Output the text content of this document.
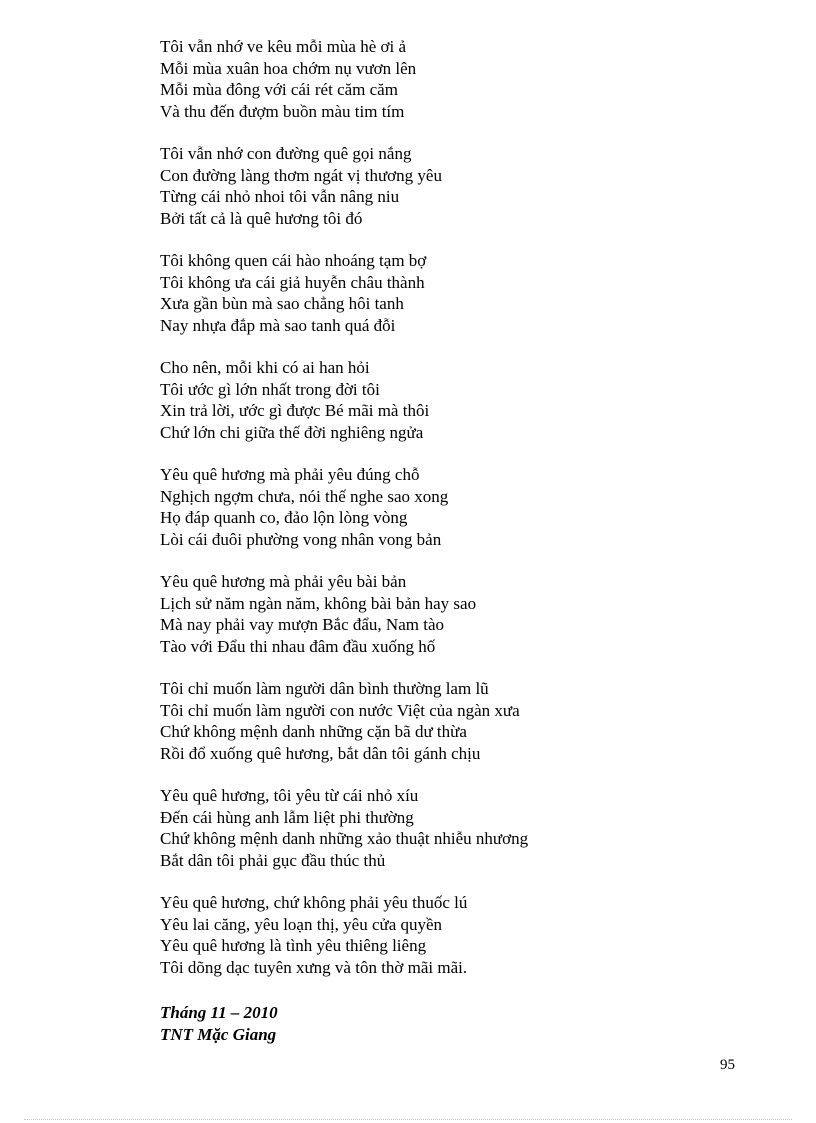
Tôi vẫn nhớ ve kêu mỗi mùa hè ơi ả
Mỗi mùa xuân hoa chớm nụ vươn lên
Mỗi mùa đông với cái rét căm căm
Và thu đến đượm buồn màu tim tím
Tôi vẫn nhớ con đường quê gọi nắng
Con đường làng thơm ngát vị thương yêu
Từng cái nhỏ nhoi tôi vẫn nâng niu
Bởi tất cả là quê hương tôi đó
Tôi không quen cái hào nhoáng tạm bợ
Tôi không ưa cái giả huyễn châu thành
Xưa gần bùn mà sao chẳng hôi tanh
Nay nhựa đắp mà sao tanh quá đỗi
Cho nên, mỗi khi có ai han hỏi
Tôi ước gì lớn nhất trong đời tôi
Xin trả lời, ước gì được Bé mãi mà thôi
Chứ lớn chi giữa thế đời nghiêng ngửa
Yêu quê hương mà phải yêu đúng chỗ
Nghịch ngợm chưa, nói thế nghe sao xong
Họ đáp quanh co, đảo lộn lòng vòng
Lòi cái đuôi phường vong nhân vong bản
Yêu quê hương mà phải yêu bài bản
Lịch sử năm ngàn năm, không bài bản hay sao
Mà nay phải vay mượn Bắc đẩu, Nam tào
Tào với Đẩu thi nhau đâm đầu xuống hố
Tôi chỉ muốn làm người dân bình thường lam lũ
Tôi chỉ muốn làm người con nước Việt của ngàn xưa
Chứ không mệnh danh những cặn bã dư thừa
Rồi đổ xuống quê hương, bắt dân tôi gánh chịu
Yêu quê hương, tôi yêu từ cái nhỏ xíu
Đến cái hùng anh lẫm liệt phi thường
Chứ không mệnh danh những xảo thuật nhiễu nhương
Bắt dân tôi phải gục đầu thúc thủ
Yêu quê hương, chứ không phải yêu thuốc lú
Yêu lai căng, yêu loạn thị, yêu cửa quyền
Yêu quê hương là tình yêu thiêng liêng
Tôi dõng dạc tuyên xưng và tôn thờ mãi mãi.
Tháng 11 – 2010
TNT Mặc Giang
95
